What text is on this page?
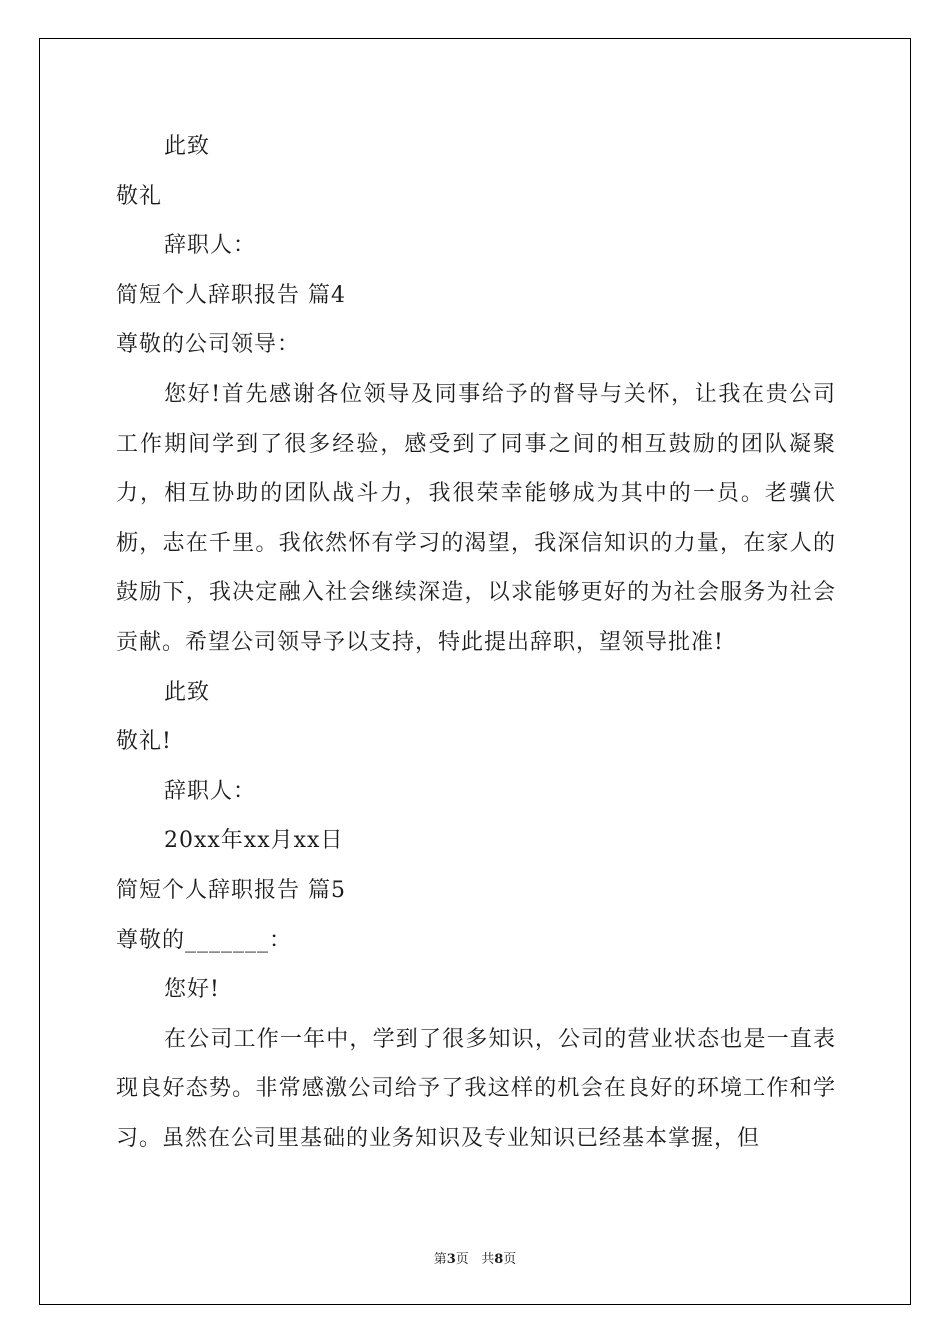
此致
敬礼
辞职人：
简短个人辞职报告 篇4
尊敬的公司领导：

您好!首先感谢各位领导及同事给予的督导与关怀，让我在贵公司工作期间学到了很多经验，感受到了同事之间的相互鼓励的团队凝聚力，相互协助的团队战斗力，我很荣幸能够成为其中的一员。老骥伏枥，志在千里。我依然怀有学习的渴望，我深信知识的力量，在家人的鼓励下，我决定融入社会继续深造，以求能够更好的为社会服务为社会贡献。希望公司领导予以支持，特此提出辞职，望领导批准!

此致
敬礼!
辞职人：
20xx年xx月xx日
简短个人辞职报告 篇5
尊敬的_______：
您好!

在公司工作一年中，学到了很多知识，公司的营业状态也是一直表现良好态势。非常感激公司给予了我这样的机会在良好的环境工作和学习。虽然在公司里基础的业务知识及专业知识已经基本掌握，但

第3页 共8页
